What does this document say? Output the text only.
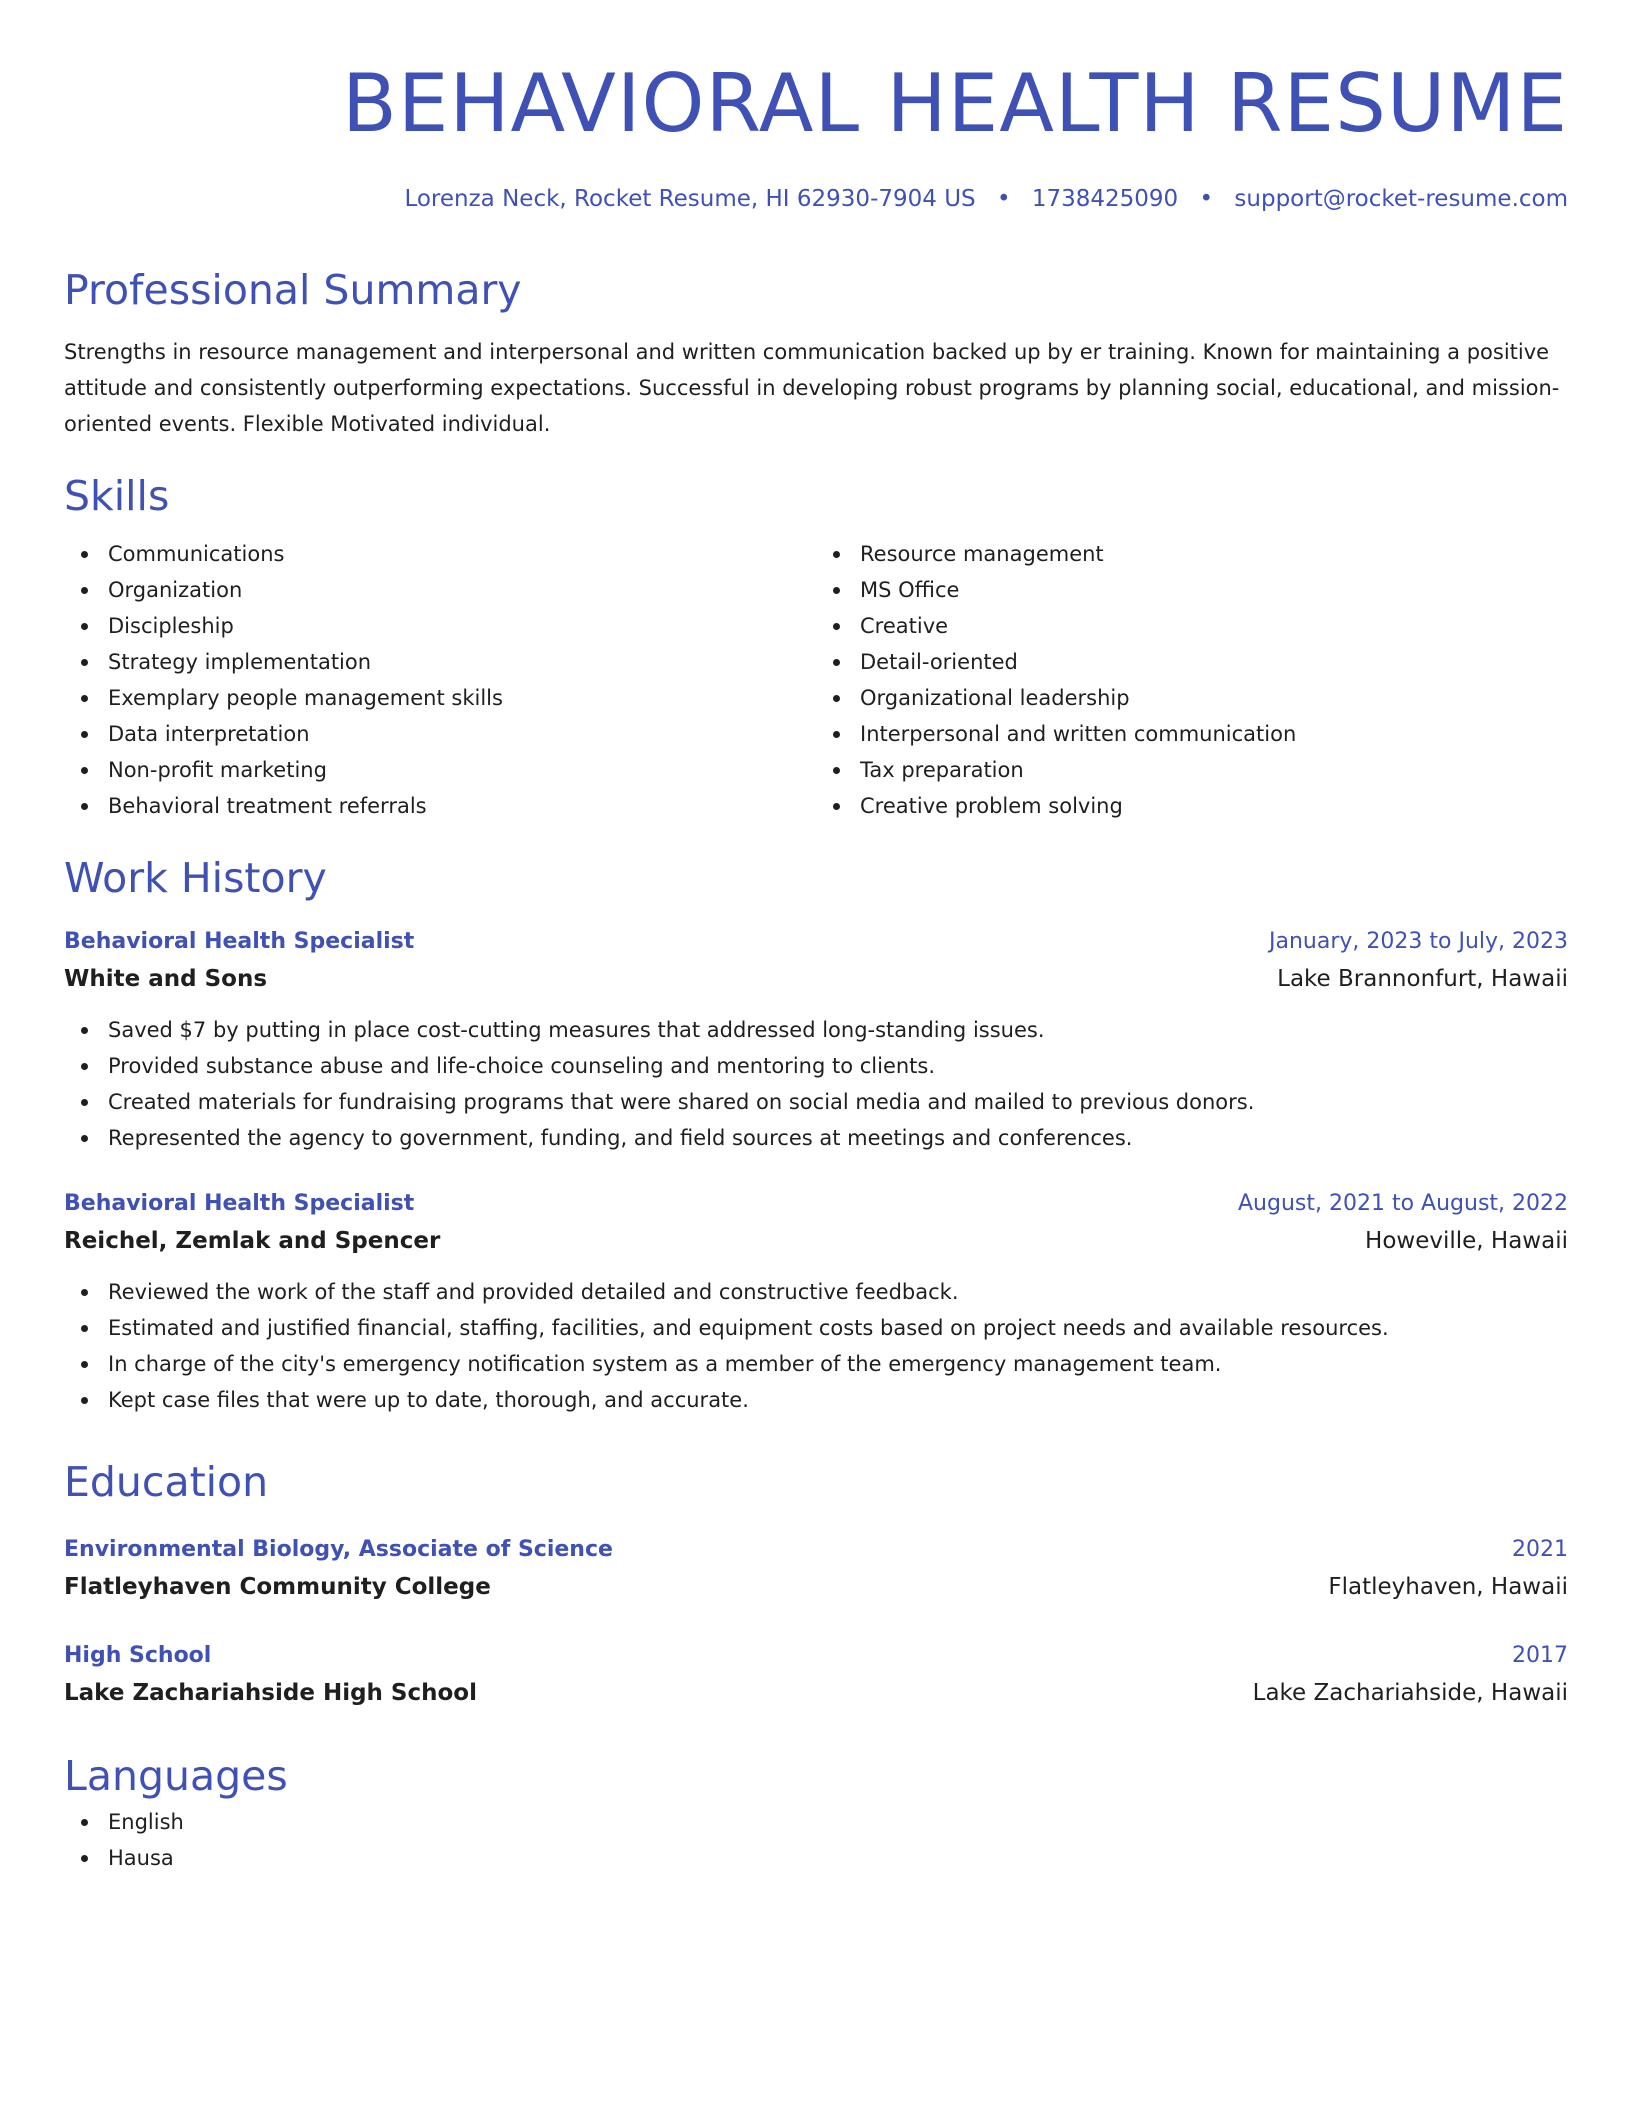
BEHAVIORAL HEALTH RESUME
Lorenza Neck, Rocket Resume, HI 62930-7904 US • 1738425090 • support@rocket-resume.com
Professional Summary
Strengths in resource management and interpersonal and written communication backed up by er training. Known for maintaining a positive attitude and consistently outperforming expectations. Successful in developing robust programs by planning social, educational, and mission-oriented events. Flexible Motivated individual.
Skills
Communications
Organization
Discipleship
Strategy implementation
Exemplary people management skills
Data interpretation
Non-profit marketing
Behavioral treatment referrals
Resource management
MS Office
Creative
Detail-oriented
Organizational leadership
Interpersonal and written communication
Tax preparation
Creative problem solving
Work History
Behavioral Health Specialist	January, 2023 to July, 2023
White and Sons	Lake Brannonfurt, Hawaii
Saved $7 by putting in place cost-cutting measures that addressed long-standing issues.
Provided substance abuse and life-choice counseling and mentoring to clients.
Created materials for fundraising programs that were shared on social media and mailed to previous donors.
Represented the agency to government, funding, and field sources at meetings and conferences.
Behavioral Health Specialist	August, 2021 to August, 2022
Reichel, Zemlak and Spencer	Howeville, Hawaii
Reviewed the work of the staff and provided detailed and constructive feedback.
Estimated and justified financial, staffing, facilities, and equipment costs based on project needs and available resources.
In charge of the city's emergency notification system as a member of the emergency management team.
Kept case files that were up to date, thorough, and accurate.
Education
Environmental Biology, Associate of Science	2021
Flatleyhaven Community College	Flatleyhaven, Hawaii
High School	2017
Lake Zachariahside High School	Lake Zachariahside, Hawaii
Languages
English
Hausa
